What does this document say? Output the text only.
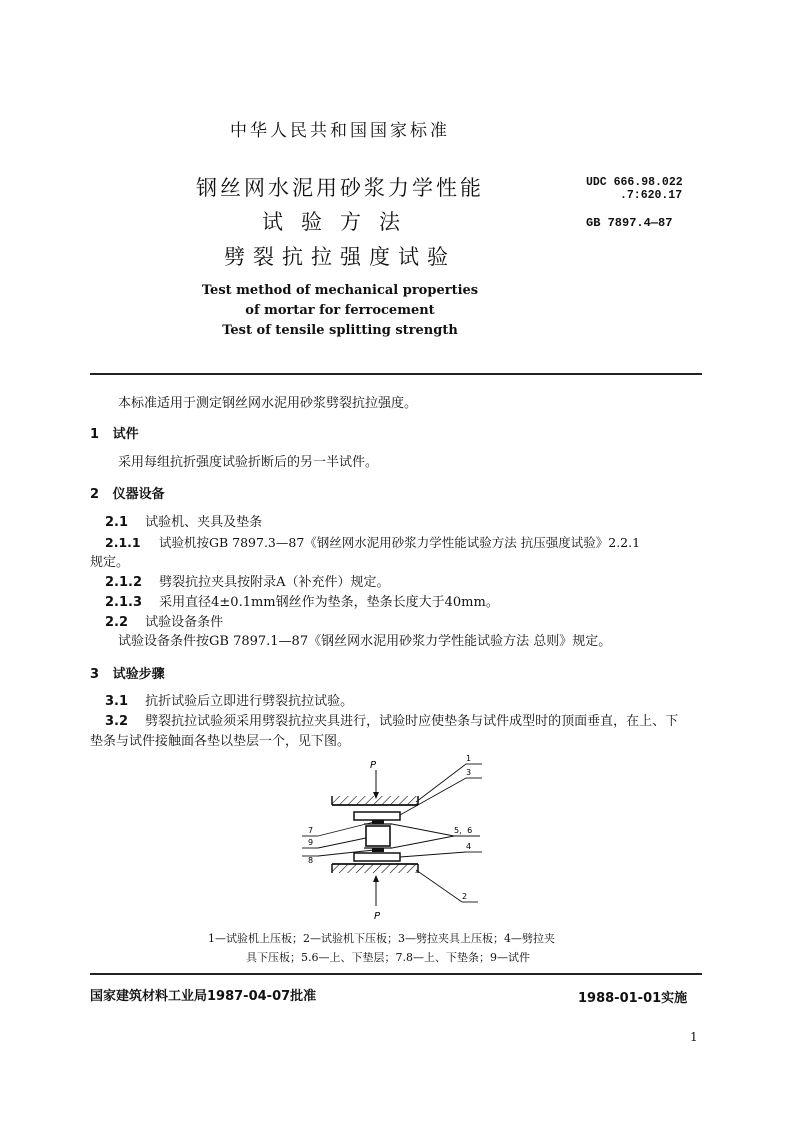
中华人民共和国国家标准
钢丝网水泥用砂浆力学性能
试验方法
劈裂抗拉强度试验
Test method of mechanical properties
of mortar for ferrocement
Test of tensile splitting strength
UDC 666.98.022
.7:620.17
GB 7897.4—87
本标准适用于测定钢丝网水泥用砂浆劈裂抗拉强度。
1 试件
采用每组抗折强度试验折断后的另一半试件。
2 仪器设备
2.1 试验机、夹具及垫条
2.1.1 试验机按GB 7897.3—87《钢丝网水泥用砂浆力学性能试验方法 抗压强度试验》2.2.1
规定。
2.1.2 劈裂抗拉夹具按附录A（补充件）规定。
2.1.3 采用直径4±0.1mm钢丝作为垫条，垫条长度大于40mm。
2.2 试验设备条件
试验设备条件按GB 7897.1—87《钢丝网水泥用砂浆力学性能试验方法 总则》规定。
3 试验步骤
3.1 抗折试验后立即进行劈裂抗拉试验。
3.2 劈裂抗拉试验须采用劈裂抗拉夹具进行，试验时应使垫条与试件成型时的顶面垂直，在上、下
垫条与试件接触面各垫以垫层一个，见下图。
P
P
1
3
5，6
4
2
7
9
8
1—试验机上压板；2—试验机下压板；3—劈拉夹具上压板；4—劈拉夹
具下压板；5.6—上、下垫层；7.8—上、下垫条；9—试件
国家建筑材料工业局1987-04-07批准	1988-01-01实施
1
